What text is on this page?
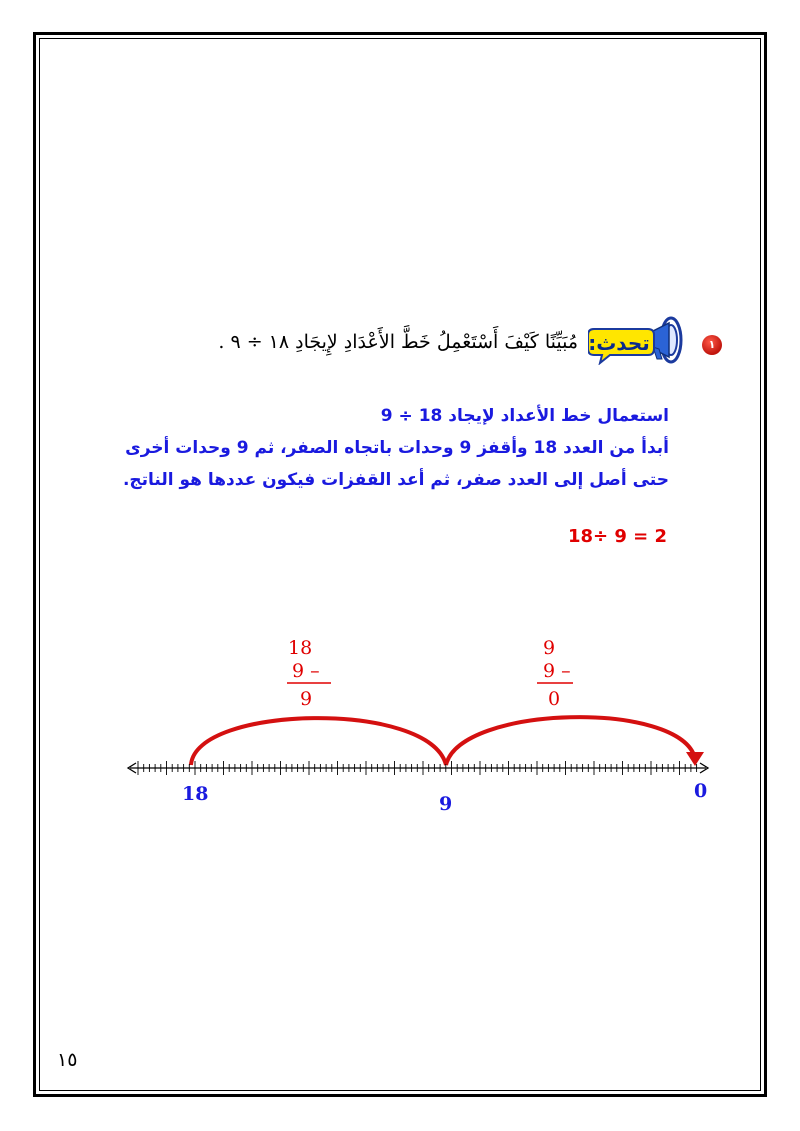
١
تحدث:
مُبَيِّنًا كَيْفَ أَسْتَعْمِلُ خَطَّ الأَعْدَادِ لإِيجَادِ ١٨ ÷ ٩ .
استعمال خط الأعداد لإيجاد 18 ÷ 9
أبدأ من العدد 18 وأقفز 9 وحدات باتجاه الصفر، ثم 9 وحدات أخرى
حتى أصل إلى العدد صفر، ثم أعد القفزات فيكون عددها هو الناتج.
18÷ 9 = 2
18
9 –
9
9
9 –
0
18	9
0
١٥
